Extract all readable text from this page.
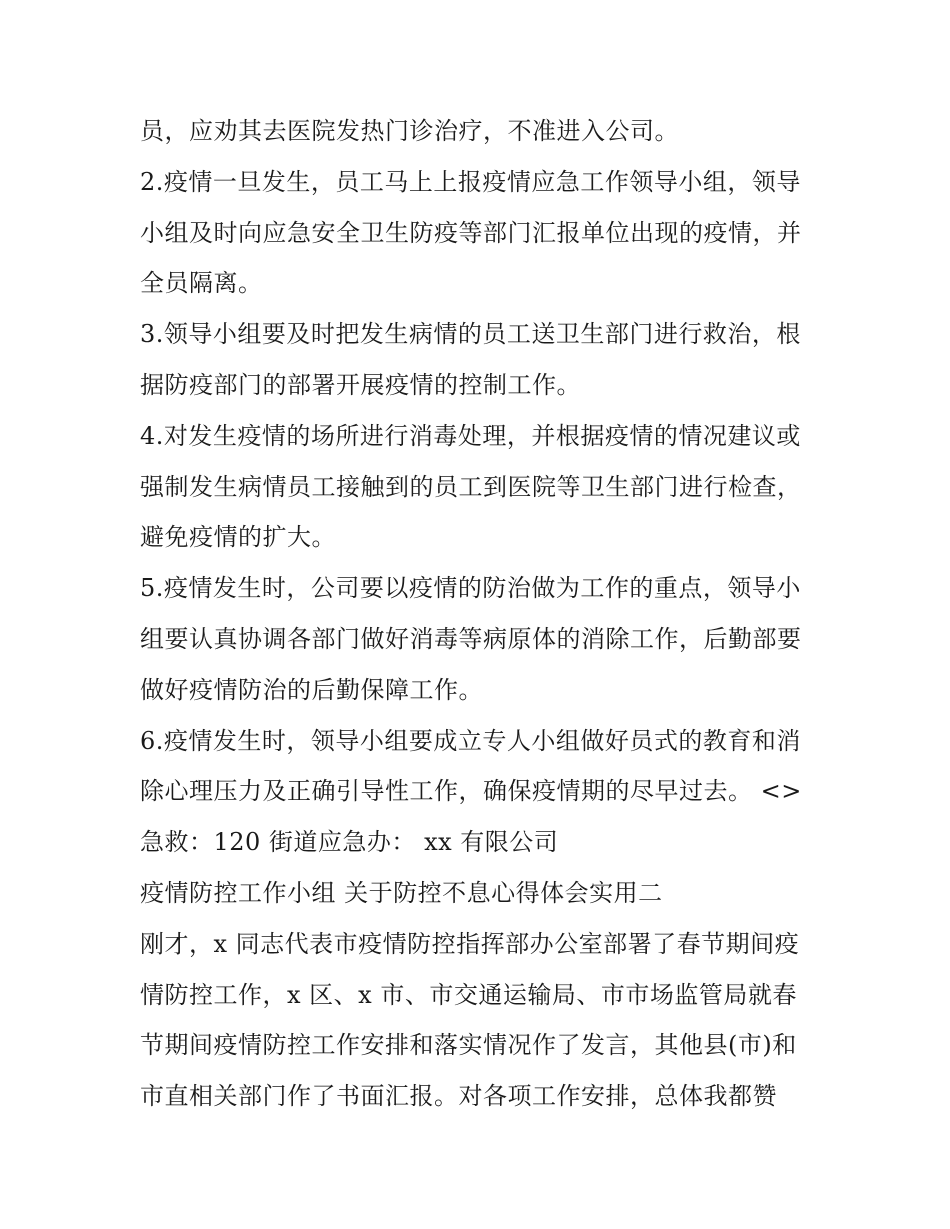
员，应劝其去医院发热门诊治疗，不准进入公司。
2.疫情一旦发生，员工马上上报疫情应急工作领导小组，领导
小组及时向应急安全卫生防疫等部门汇报单位出现的疫情，并
全员隔离。
3.领导小组要及时把发生病情的员工送卫生部门进行救治，根
据防疫部门的部署开展疫情的控制工作。
4.对发生疫情的场所进行消毒处理，并根据疫情的情况建议或
强制发生病情员工接触到的员工到医院等卫生部门进行检查，
避免疫情的扩大。
5.疫情发生时，公司要以疫情的防治做为工作的重点，领导小
组要认真协调各部门做好消毒等病原体的消除工作，后勤部要
做好疫情防治的后勤保障工作。
6.疫情发生时，领导小组要成立专人小组做好员式的教育和消
除心理压力及正确引导性工作，确保疫情期的尽早过去。 <>
急救：120 街道应急办： xx 有限公司
疫情防控工作小组 关于防控不息心得体会实用二
刚才，x 同志代表市疫情防控指挥部办公室部署了春节期间疫
情防控工作，x 区、x 市、市交通运输局、市市场监管局就春
节期间疫情防控工作安排和落实情况作了发言，其他县(市)和
市直相关部门作了书面汇报。对各项工作安排，总体我都赞
